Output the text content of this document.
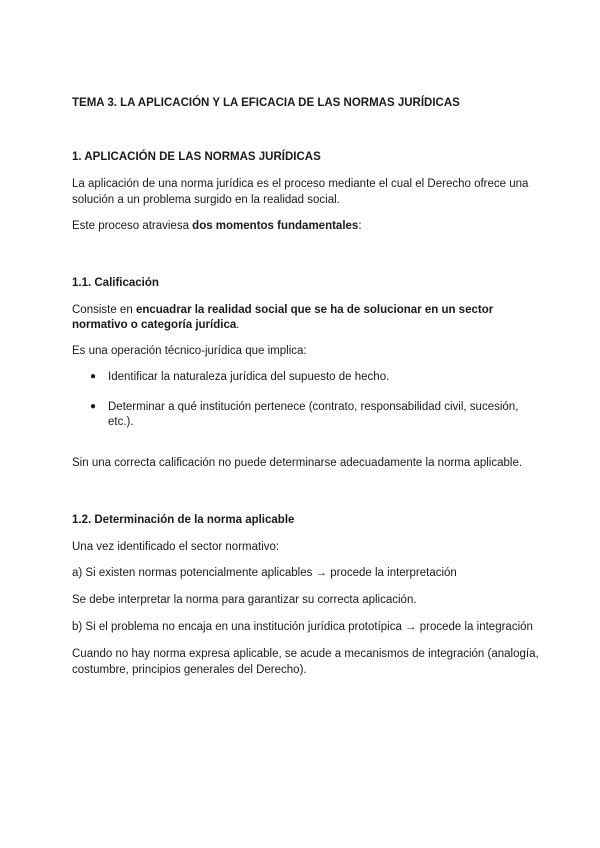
TEMA 3. LA APLICACIÓN Y LA EFICACIA DE LAS NORMAS JURÍDICAS
1. APLICACIÓN DE LAS NORMAS JURÍDICAS
La aplicación de una norma jurídica es el proceso mediante el cual el Derecho ofrece una
solución a un problema surgido en la realidad social.
Este proceso atraviesa dos momentos fundamentales:
1.1. Calificación
Consiste en encuadrar la realidad social que se ha de solucionar en un sector
normativo o categoría jurídica.
Es una operación técnico-jurídica que implica:
● Identificar la naturaleza jurídica del supuesto de hecho.
● Determinar a qué institución pertenece (contrato, responsabilidad civil, sucesión,
etc.).
Sin una correcta calificación no puede determinarse adecuadamente la norma aplicable.
1.2. Determinación de la norma aplicable
Una vez identificado el sector normativo:
a) Si existen normas potencialmente aplicables → procede la interpretación
Se debe interpretar la norma para garantizar su correcta aplicación.
b) Si el problema no encaja en una institución jurídica prototípica → procede la integración
Cuando no hay norma expresa aplicable, se acude a mecanismos de integración (analogía,
costumbre, principios generales del Derecho).
